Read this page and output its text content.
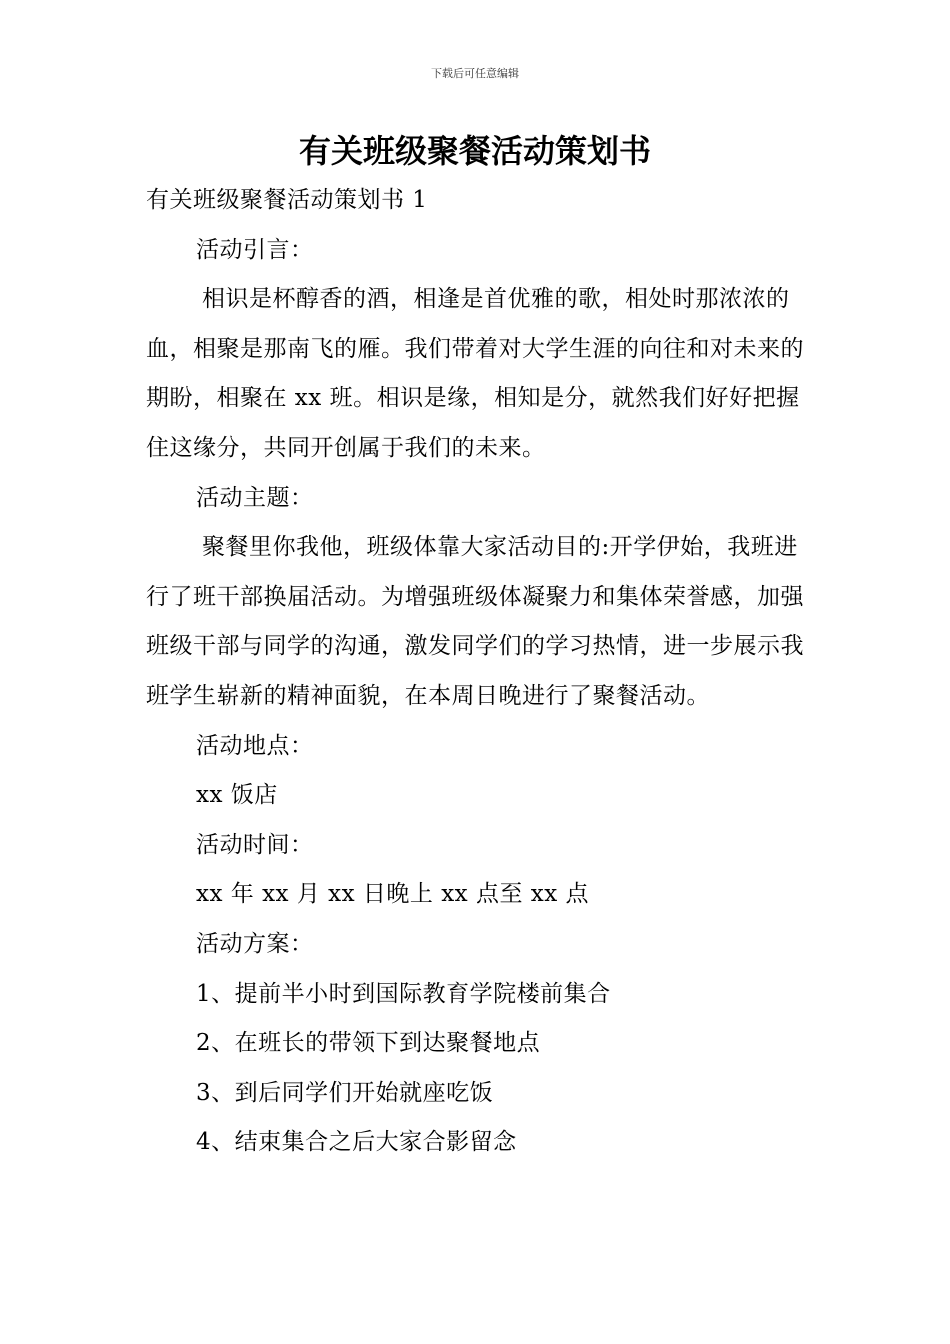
下载后可任意编辑
有关班级聚餐活动策划书

有关班级聚餐活动策划书 1

活动引言：

相识是杯醇香的酒，相逢是首优雅的歌，相处时那浓浓的血，相聚是那南飞的雁。我们带着对大学生涯的向往和对未来的期盼，相聚在 xx 班。相识是缘，相知是分，就然我们好好把握住这缘分，共同开创属于我们的未来。

活动主题：

聚餐里你我他，班级体靠大家活动目的:开学伊始，我班进行了班干部换届活动。为增强班级体凝聚力和集体荣誉感，加强班级干部与同学的沟通，激发同学们的学习热情，进一步展示我班学生崭新的精神面貌，在本周日晚进行了聚餐活动。

活动地点：

xx 饭店

活动时间：

xx 年 xx 月 xx 日晚上 xx 点至 xx 点

活动方案：

1、提前半小时到国际教育学院楼前集合

2、在班长的带领下到达聚餐地点

3、到后同学们开始就座吃饭

4、结束集合之后大家合影留念
